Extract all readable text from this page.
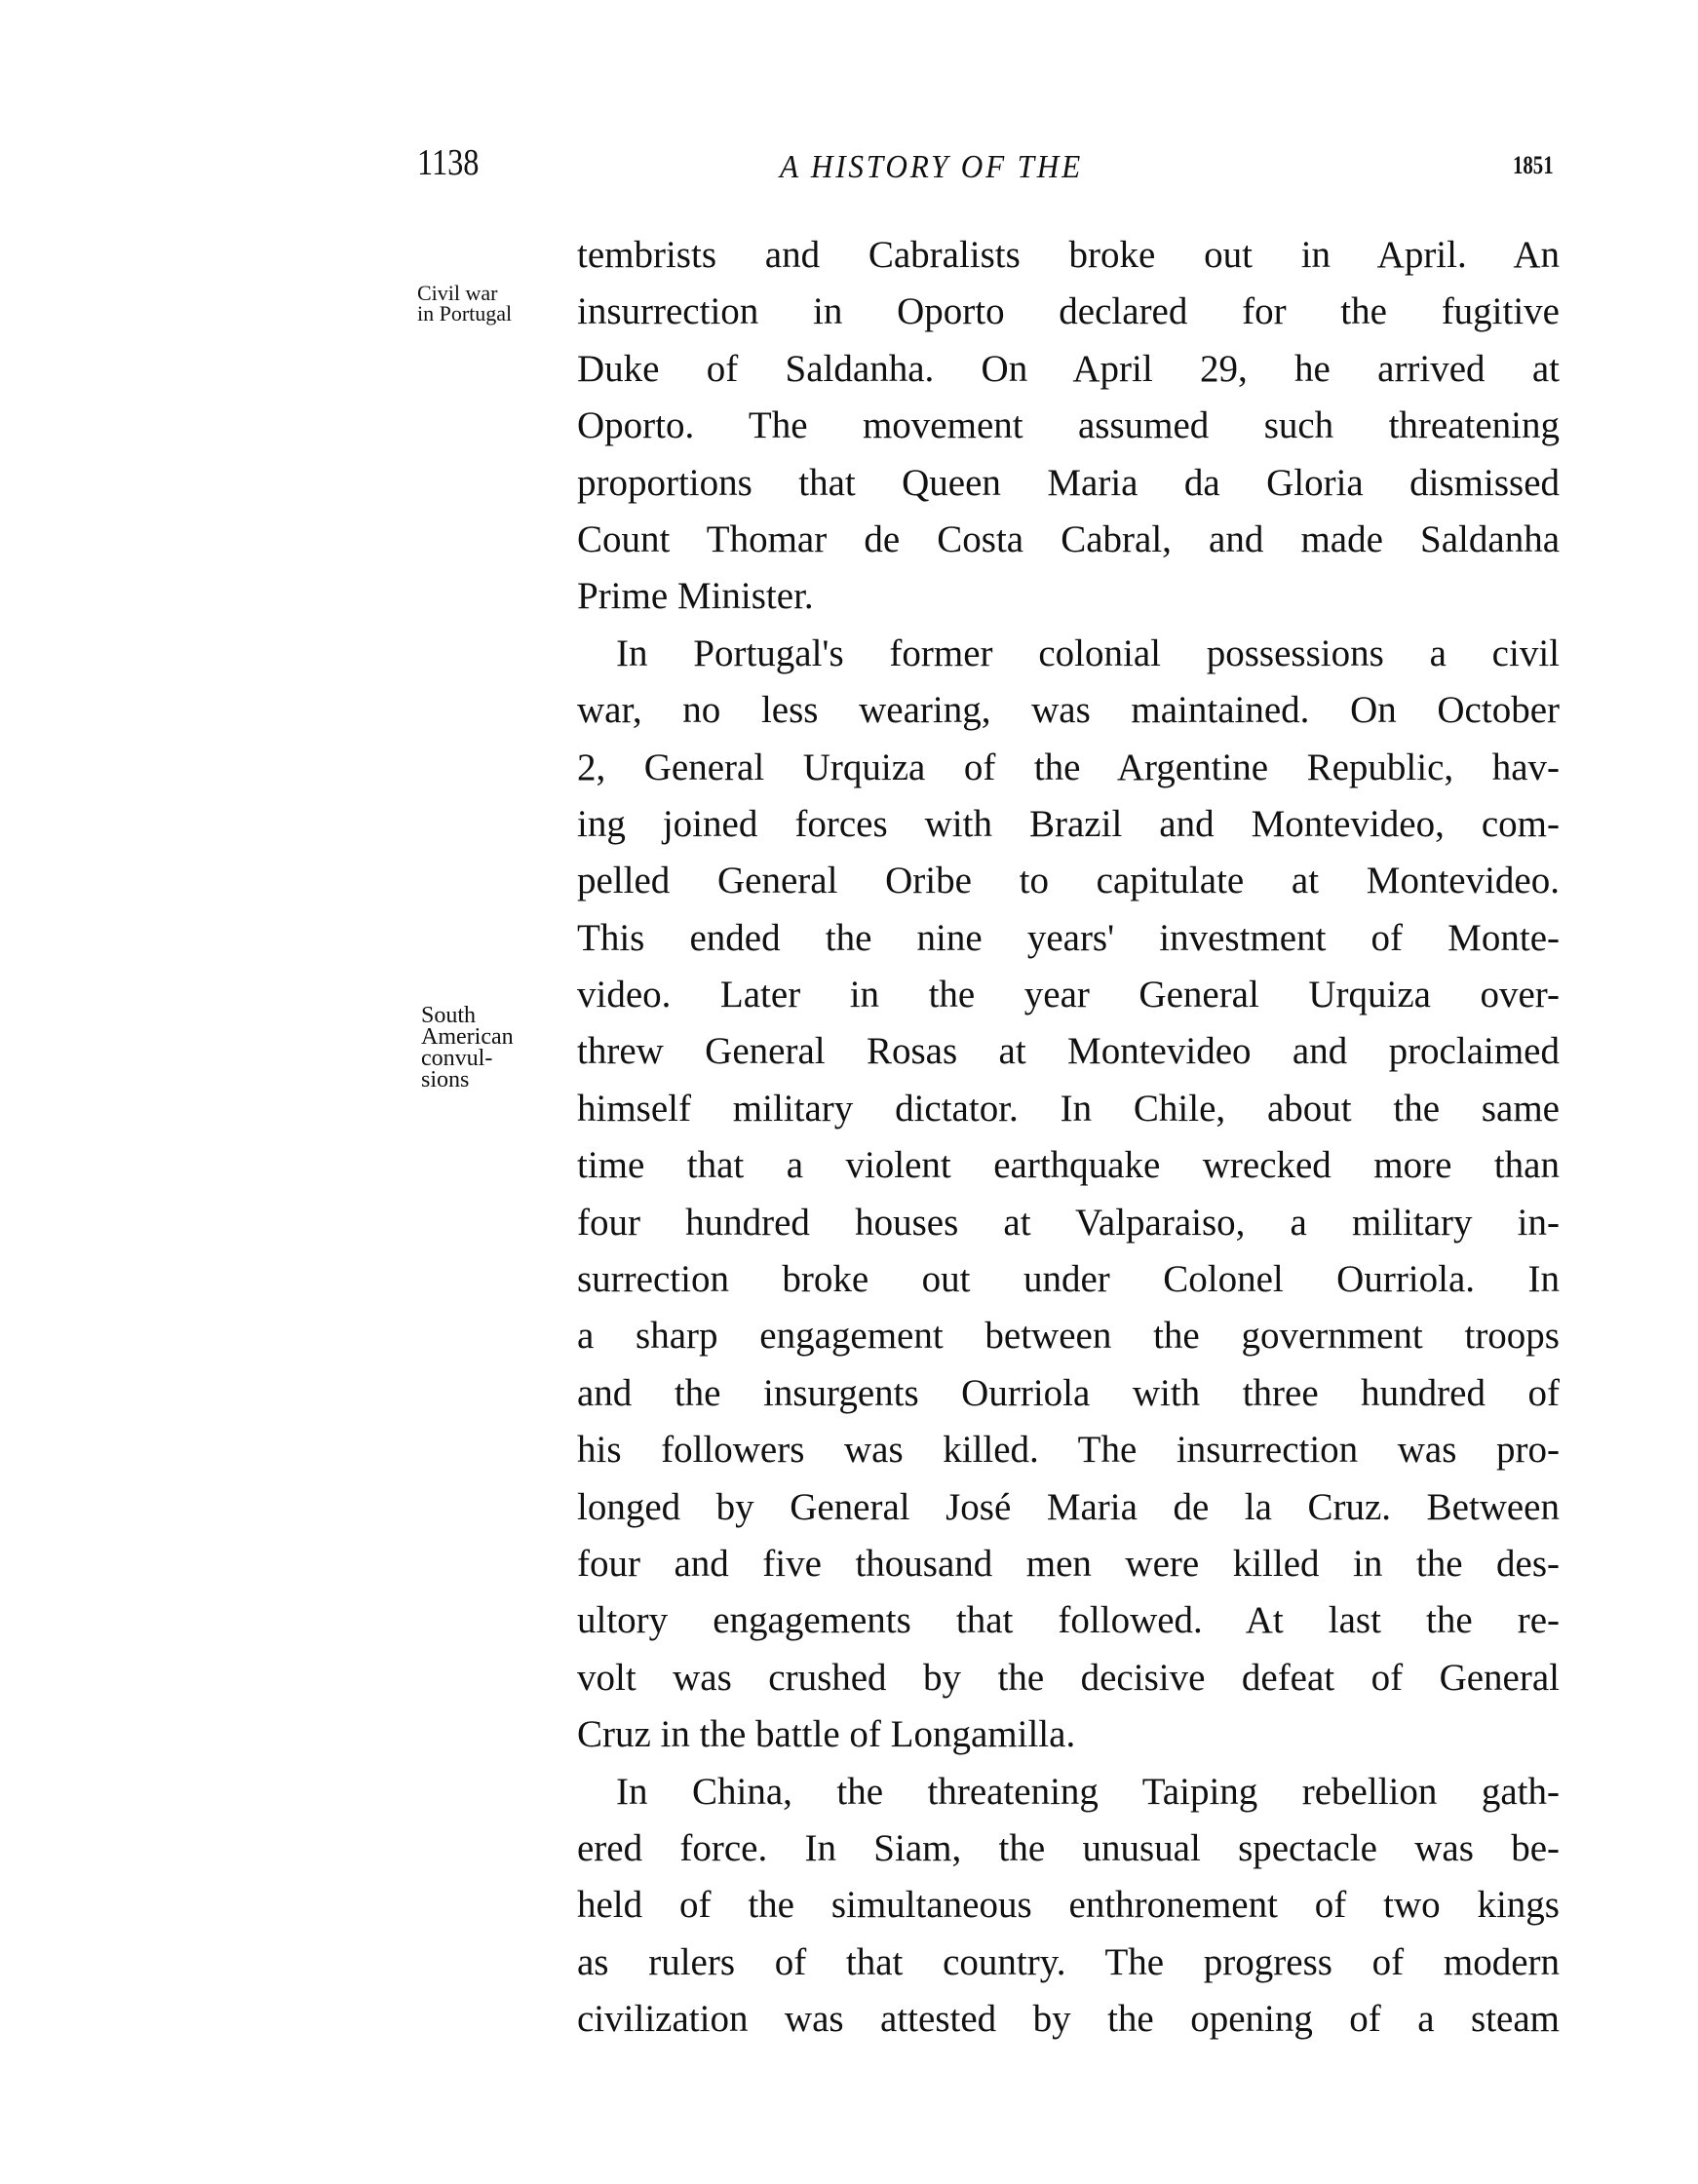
1138	A HISTORY OF THE	1851
Civil war
in Portugal
South
American
convul-
sions
tembrists and Cabralists broke out in April. An
insurrection in Oporto declared for the fugitive
Duke of Saldanha. On April 29, he arrived at
Oporto. The movement assumed such threatening
proportions that Queen Maria da Gloria dismissed
Count Thomar de Costa Cabral, and made Saldanha
Prime Minister.
In Portugal's former colonial possessions a civil
war, no less wearing, was maintained. On October
2, General Urquiza of the Argentine Republic, hav-
ing joined forces with Brazil and Montevideo, com-
pelled General Oribe to capitulate at Montevideo.
This ended the nine years' investment of Monte-
video. Later in the year General Urquiza over-
threw General Rosas at Montevideo and proclaimed
himself military dictator. In Chile, about the same
time that a violent earthquake wrecked more than
four hundred houses at Valparaiso, a military in-
surrection broke out under Colonel Ourriola. In
a sharp engagement between the government troops
and the insurgents Ourriola with three hundred of
his followers was killed. The insurrection was pro-
longed by General José Maria de la Cruz. Between
four and five thousand men were killed in the des-
ultory engagements that followed. At last the re-
volt was crushed by the decisive defeat of General
Cruz in the battle of Longamilla.
In China, the threatening Taiping rebellion gath-
ered force. In Siam, the unusual spectacle was be-
held of the simultaneous enthronement of two kings
as rulers of that country. The progress of modern
civilization was attested by the opening of a steam
